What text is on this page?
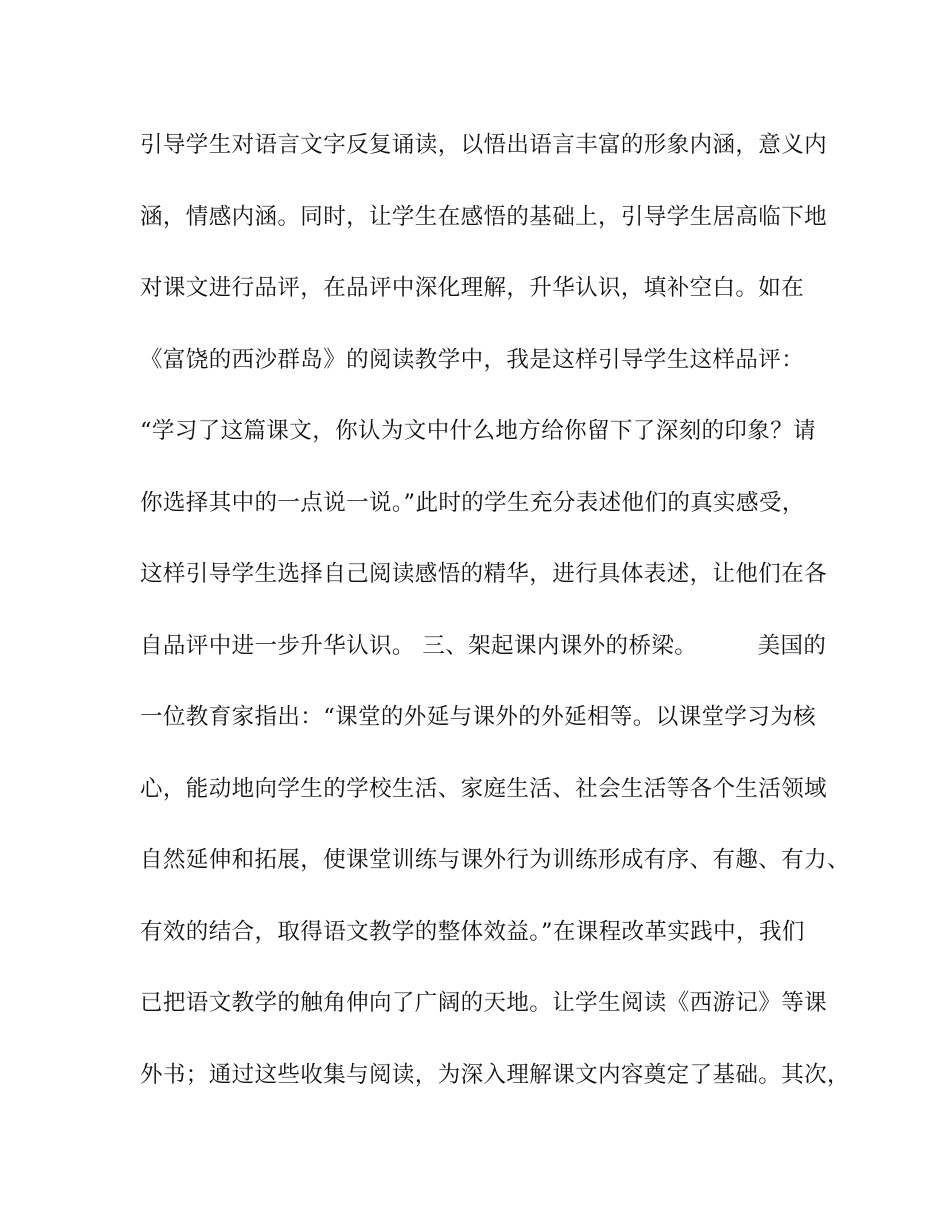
引导学生对语言文字反复诵读，以悟出语言丰富的形象内涵，意义内
涵，情感内涵。同时，让学生在感悟的基础上，引导学生居高临下地
对课文进行品评，在品评中深化理解，升华认识，填补空白。如在
《富饶的西沙群岛》的阅读教学中，我是这样引导学生这样品评：
“学习了这篇课文，你认为文中什么地方给你留下了深刻的印象？请
你选择其中的一点说一说。”此时的学生充分表述他们的真实感受，
这样引导学生选择自己阅读感悟的精华，进行具体表述，让他们在各
自品评中进一步升华认识。 三、架起课内课外的桥梁。        美国的
一位教育家指出：“课堂的外延与课外的外延相等。以课堂学习为核
心，能动地向学生的学校生活、家庭生活、社会生活等各个生活领域
自然延伸和拓展，使课堂训练与课外行为训练形成有序、有趣、有力、
有效的结合，取得语文教学的整体效益。”在课程改革实践中，我们
已把语文教学的触角伸向了广阔的天地。让学生阅读《西游记》等课
外书；通过这些收集与阅读，为深入理解课文内容奠定了基础。其次，
